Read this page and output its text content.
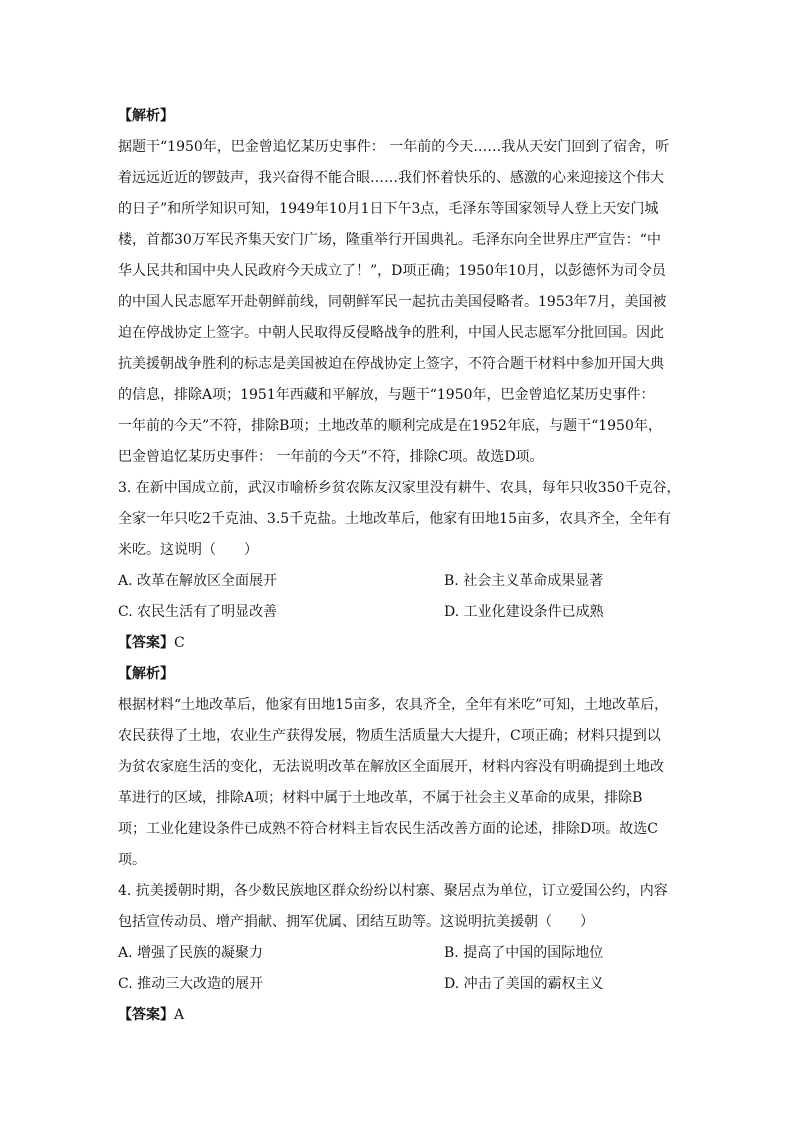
【解析】
据题干“1950年，巴金曾追忆某历史事件： 一年前的今天……我从天安门回到了宿舍，听
着远远近近的锣鼓声，我兴奋得不能合眼……我们怀着快乐的、感激的心来迎接这个伟大
的日子”和所学知识可知，1949年10月1日下午3点，毛泽东等国家领导人登上天安门城
楼，首都30万军民齐集天安门广场，隆重举行开国典礼。毛泽东向全世界庄严宣告：“中
华人民共和国中央人民政府今天成立了！”，D项正确；1950年10月，以彭德怀为司令员
的中国人民志愿军开赴朝鲜前线，同朝鲜军民一起抗击美国侵略者。1953年7月，美国被
迫在停战协定上签字。中朝人民取得反侵略战争的胜利，中国人民志愿军分批回国。因此
抗美援朝战争胜利的标志是美国被迫在停战协定上签字，不符合题干材料中参加开国大典
的信息，排除A项；1951年西藏和平解放，与题干“1950年，巴金曾追忆某历史事件：
一年前的今天”不符，排除B项；土地改革的顺利完成是在1952年底，与题干“1950年，
巴金曾追忆某历史事件： 一年前的今天”不符，排除C项。故选D项。
3. 在新中国成立前，武汉市喻桥乡贫农陈友汉家里没有耕牛、农具，每年只收350千克谷，
全家一年只吃2千克油、3.5千克盐。土地改革后，他家有田地15亩多，农具齐全，全年有
米吃。这说明（　　）
A. 改革在解放区全面展开	B. 社会主义革命成果显著
C. 农民生活有了明显改善	D. 工业化建设条件已成熟
【答案】C
【解析】
根据材料“土地改革后，他家有田地15亩多，农具齐全，全年有米吃”可知，土地改革后，
农民获得了土地，农业生产获得发展，物质生活质量大大提升，C项正确；材料只提到以
为贫农家庭生活的变化，无法说明改革在解放区全面展开，材料内容没有明确提到土地改
革进行的区域，排除A项；材料中属于土地改革，不属于社会主义革命的成果，排除B
项；工业化建设条件已成熟不符合材料主旨农民生活改善方面的论述，排除D项。故选C
项。
4. 抗美援朝时期，各少数民族地区群众纷纷以村寨、聚居点为单位，订立爱国公约，内容
包括宣传动员、增产捐献、拥军优属、团结互助等。这说明抗美援朝（　　）
A. 增强了民族的凝聚力	B. 提高了中国的国际地位
C. 推动三大改造的展开	D. 冲击了美国的霸权主义
【答案】A
